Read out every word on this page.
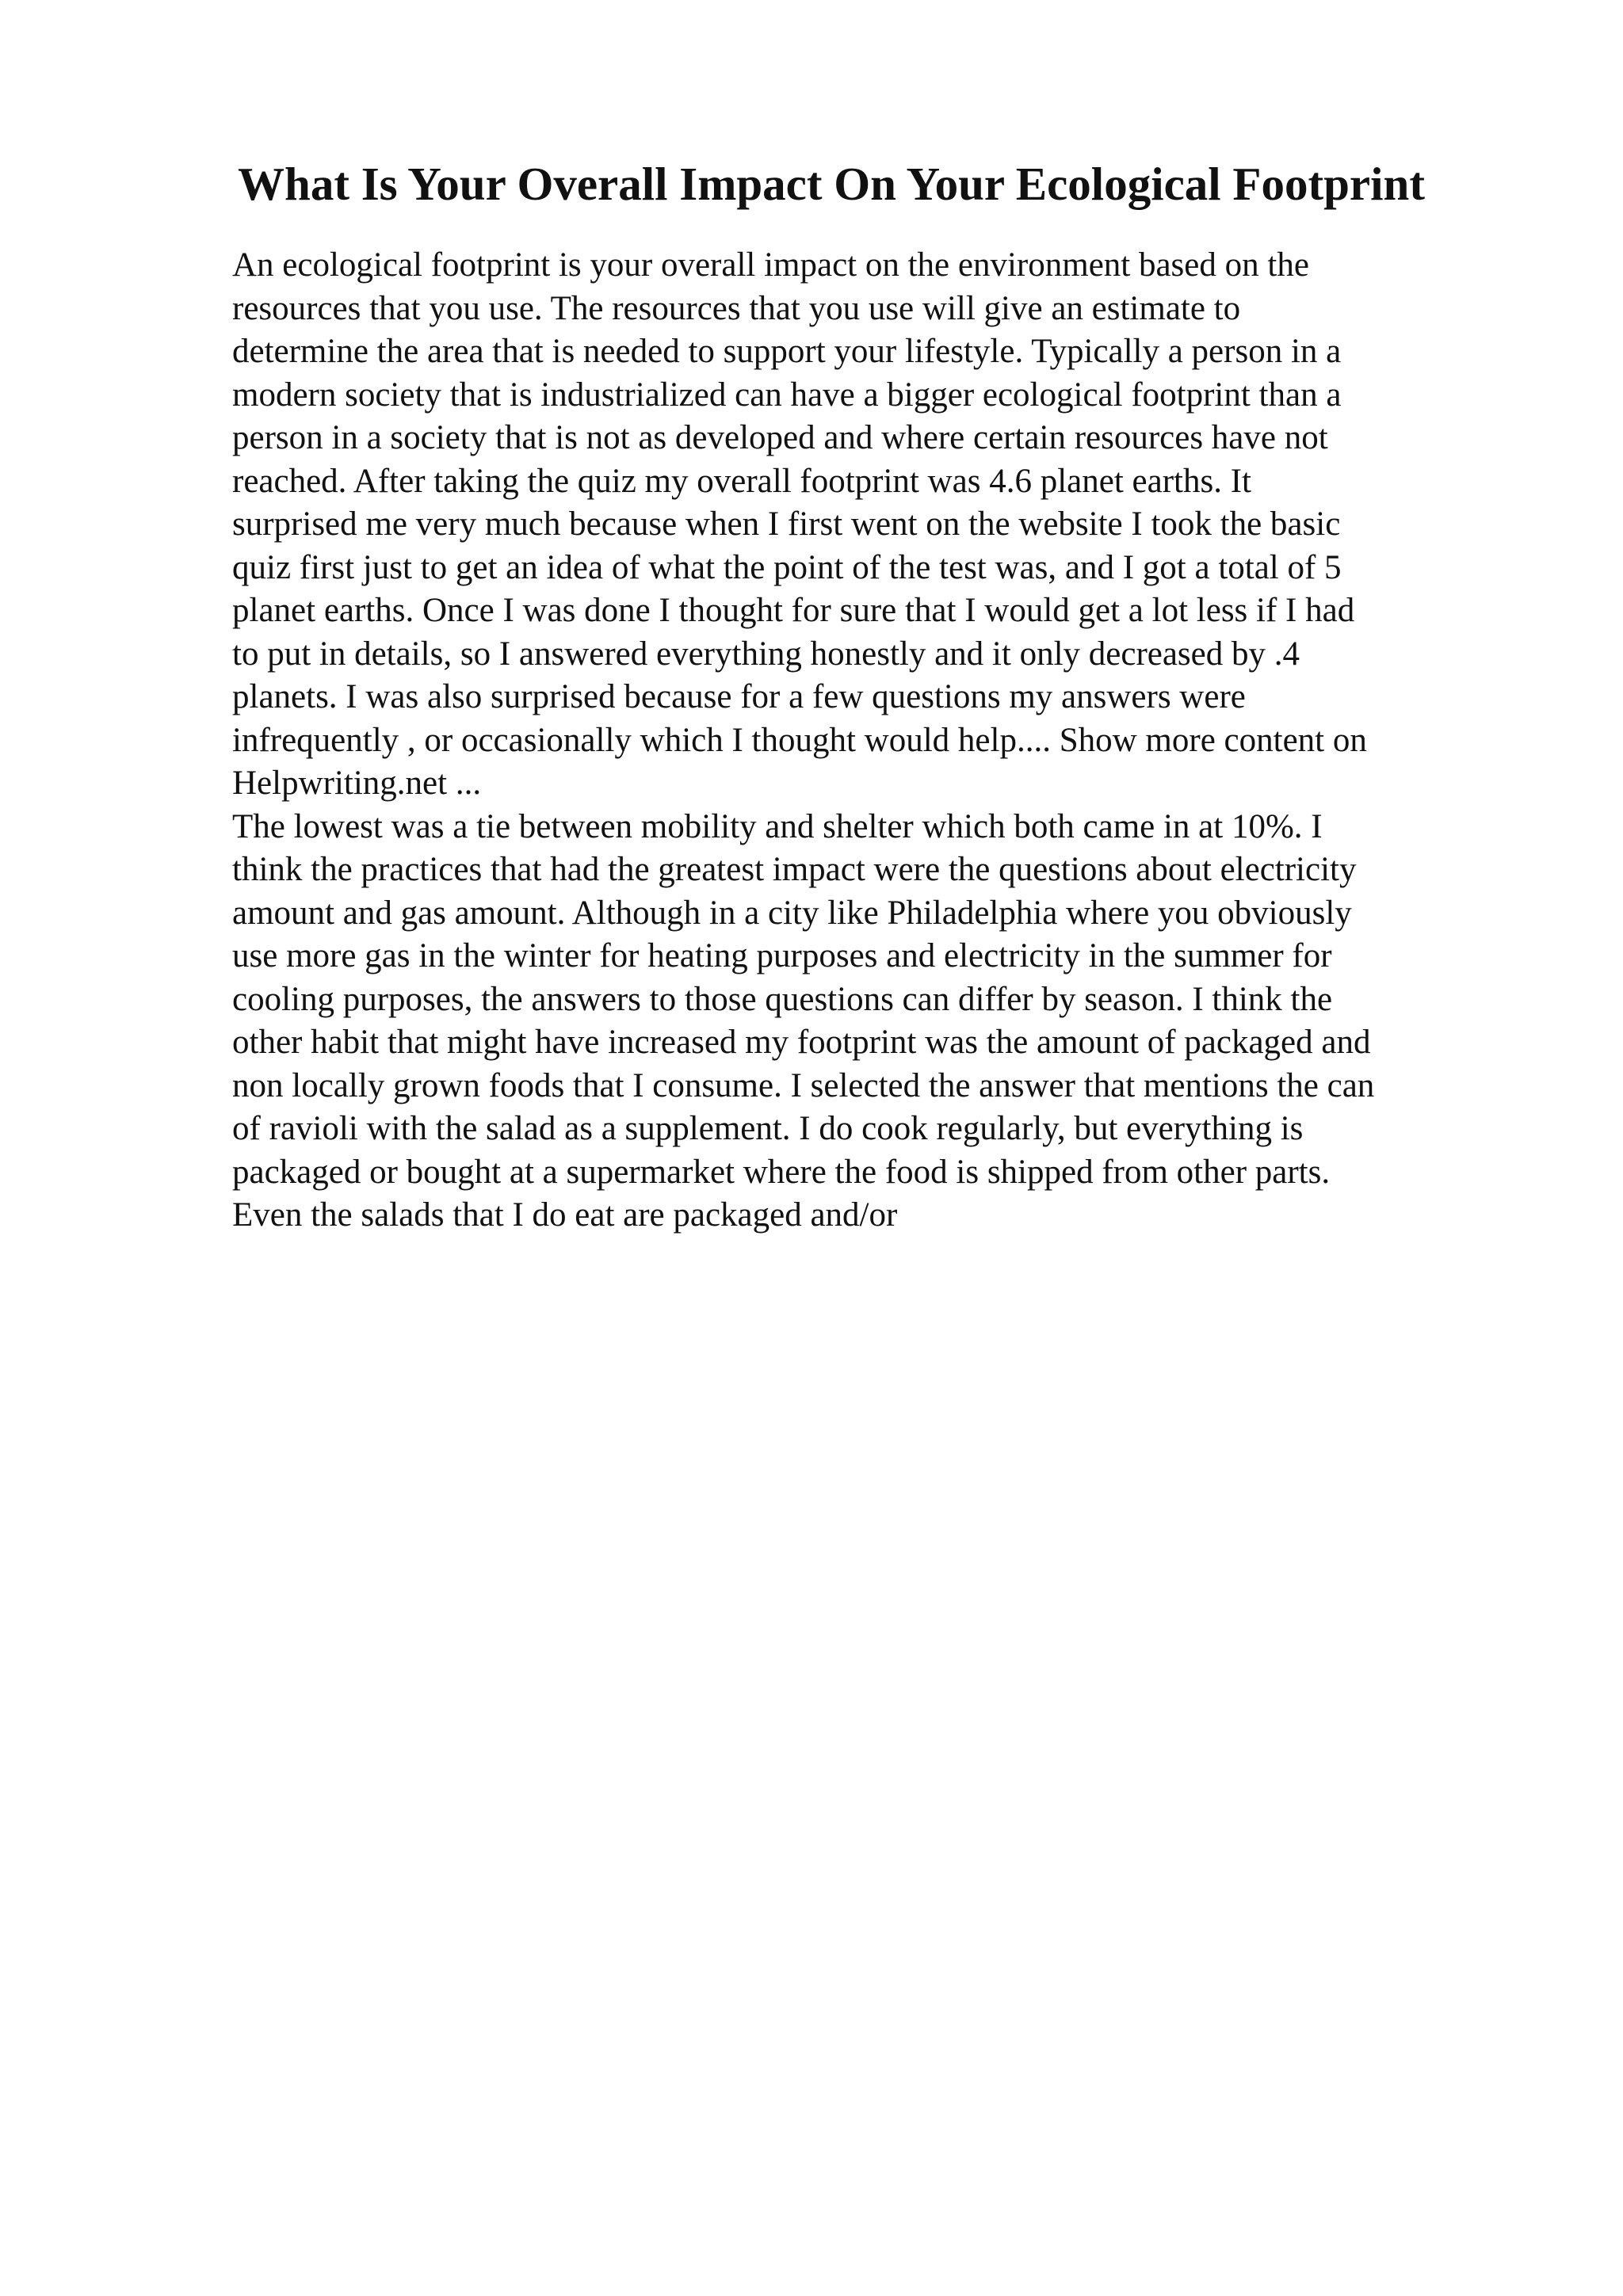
What Is Your Overall Impact On Your Ecological Footprint

An ecological footprint is your overall impact on the environment based on the
resources that you use. The resources that you use will give an estimate to
determine the area that is needed to support your lifestyle. Typically a person in a
modern society that is industrialized can have a bigger ecological footprint than a
person in a society that is not as developed and where certain resources have not
reached. After taking the quiz my overall footprint was 4.6 planet earths. It
surprised me very much because when I first went on the website I took the basic
quiz first just to get an idea of what the point of the test was, and I got a total of 5
planet earths. Once I was done I thought for sure that I would get a lot less if I had
to put in details, so I answered everything honestly and it only decreased by .4
planets. I was also surprised because for a few questions my answers were
infrequently , or occasionally which I thought would help.... Show more content on
Helpwriting.net ...

The lowest was a tie between mobility and shelter which both came in at 10%. I
think the practices that had the greatest impact were the questions about electricity
amount and gas amount. Although in a city like Philadelphia where you obviously
use more gas in the winter for heating purposes and electricity in the summer for
cooling purposes, the answers to those questions can differ by season. I think the
other habit that might have increased my footprint was the amount of packaged and
non locally grown foods that I consume. I selected the answer that mentions the can
of ravioli with the salad as a supplement. I do cook regularly, but everything is
packaged or bought at a supermarket where the food is shipped from other parts.
Even the salads that I do eat are packaged and/or
